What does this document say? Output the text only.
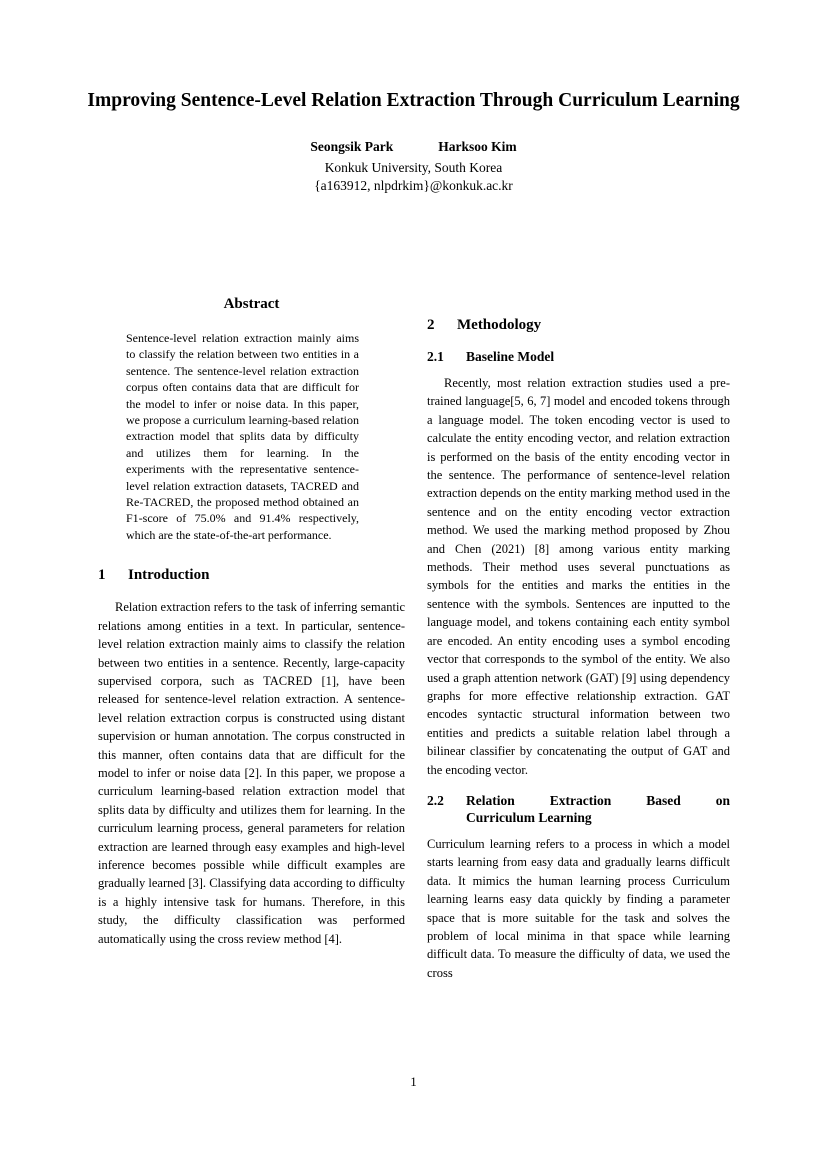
Improving Sentence-Level Relation Extraction Through Curriculum Learning
Seongsik Park	Harksoo Kim
Konkuk University, South Korea
{a163912, nlpdrkim}@konkuk.ac.kr
Abstract

Sentence-level relation extraction mainly aims to classify the relation between two entities in a sentence. The sentence-level relation extraction corpus often contains data that are difficult for the model to infer or noise data. In this paper, we propose a curriculum learning-based relation extraction model that splits data by difficulty and utilizes them for learning. In the experiments with the representative sentence-level relation extraction datasets, TACRED and Re-TACRED, the proposed method obtained an F1-score of 75.0% and 91.4% respectively, which are the state-of-the-art performance.

1	Introduction

Relation extraction refers to the task of inferring semantic relations among entities in a text. In particular, sentence-level relation extraction mainly aims to classify the relation between two entities in a sentence. Recently, large-capacity supervised corpora, such as TACRED [1], have been released for sentence-level relation extraction. A sentence-level relation extraction corpus is constructed using distant supervision or human annotation. The corpus constructed in this manner, often contains data that are difficult for the model to infer or noise data [2]. In this paper, we propose a curriculum learning-based relation extraction model that splits data by difficulty and utilizes them for learning. In the curriculum learning process, general parameters for relation extraction are learned through easy examples and high-level inference becomes possible while difficult examples are gradually learned [3]. Classifying data according to difficulty is a highly intensive task for humans. Therefore, in this study, the difficulty classification was performed automatically using the cross review method [4].

2	Methodology
2.1	Baseline Model

Recently, most relation extraction studies used a pre-trained language[5, 6, 7] model and encoded tokens through a language model. The token encoding vector is used to calculate the entity encoding vector, and relation extraction is performed on the basis of the entity encoding vector in the sentence. The performance of sentence-level relation extraction depends on the entity marking method used in the sentence and on the entity encoding vector extraction method. We used the marking method proposed by Zhou and Chen (2021) [8] among various entity marking methods. Their method uses several punctuations as symbols for the entities and marks the entities in the sentence with the symbols. Sentences are inputted to the language model, and tokens containing each entity symbol are encoded. An entity encoding uses a symbol encoding vector that corresponds to the symbol of the entity. We also used a graph attention network (GAT) [9] using dependency graphs for more effective relationship extraction. GAT encodes syntactic structural information between two entities and predicts a suitable relation label through a bilinear classifier by concatenating the output of GAT and the encoding vector.

2.2	Relation Extraction Based on
Curriculum Learning

Curriculum learning refers to a process in which a model starts learning from easy data and gradually learns difficult data. It mimics the human learning process Curriculum learning learns easy data quickly by finding a parameter space that is more suitable for the task and solves the problem of local minima in that space while learning difficult data. To measure the difficulty of data, we used the cross

1
